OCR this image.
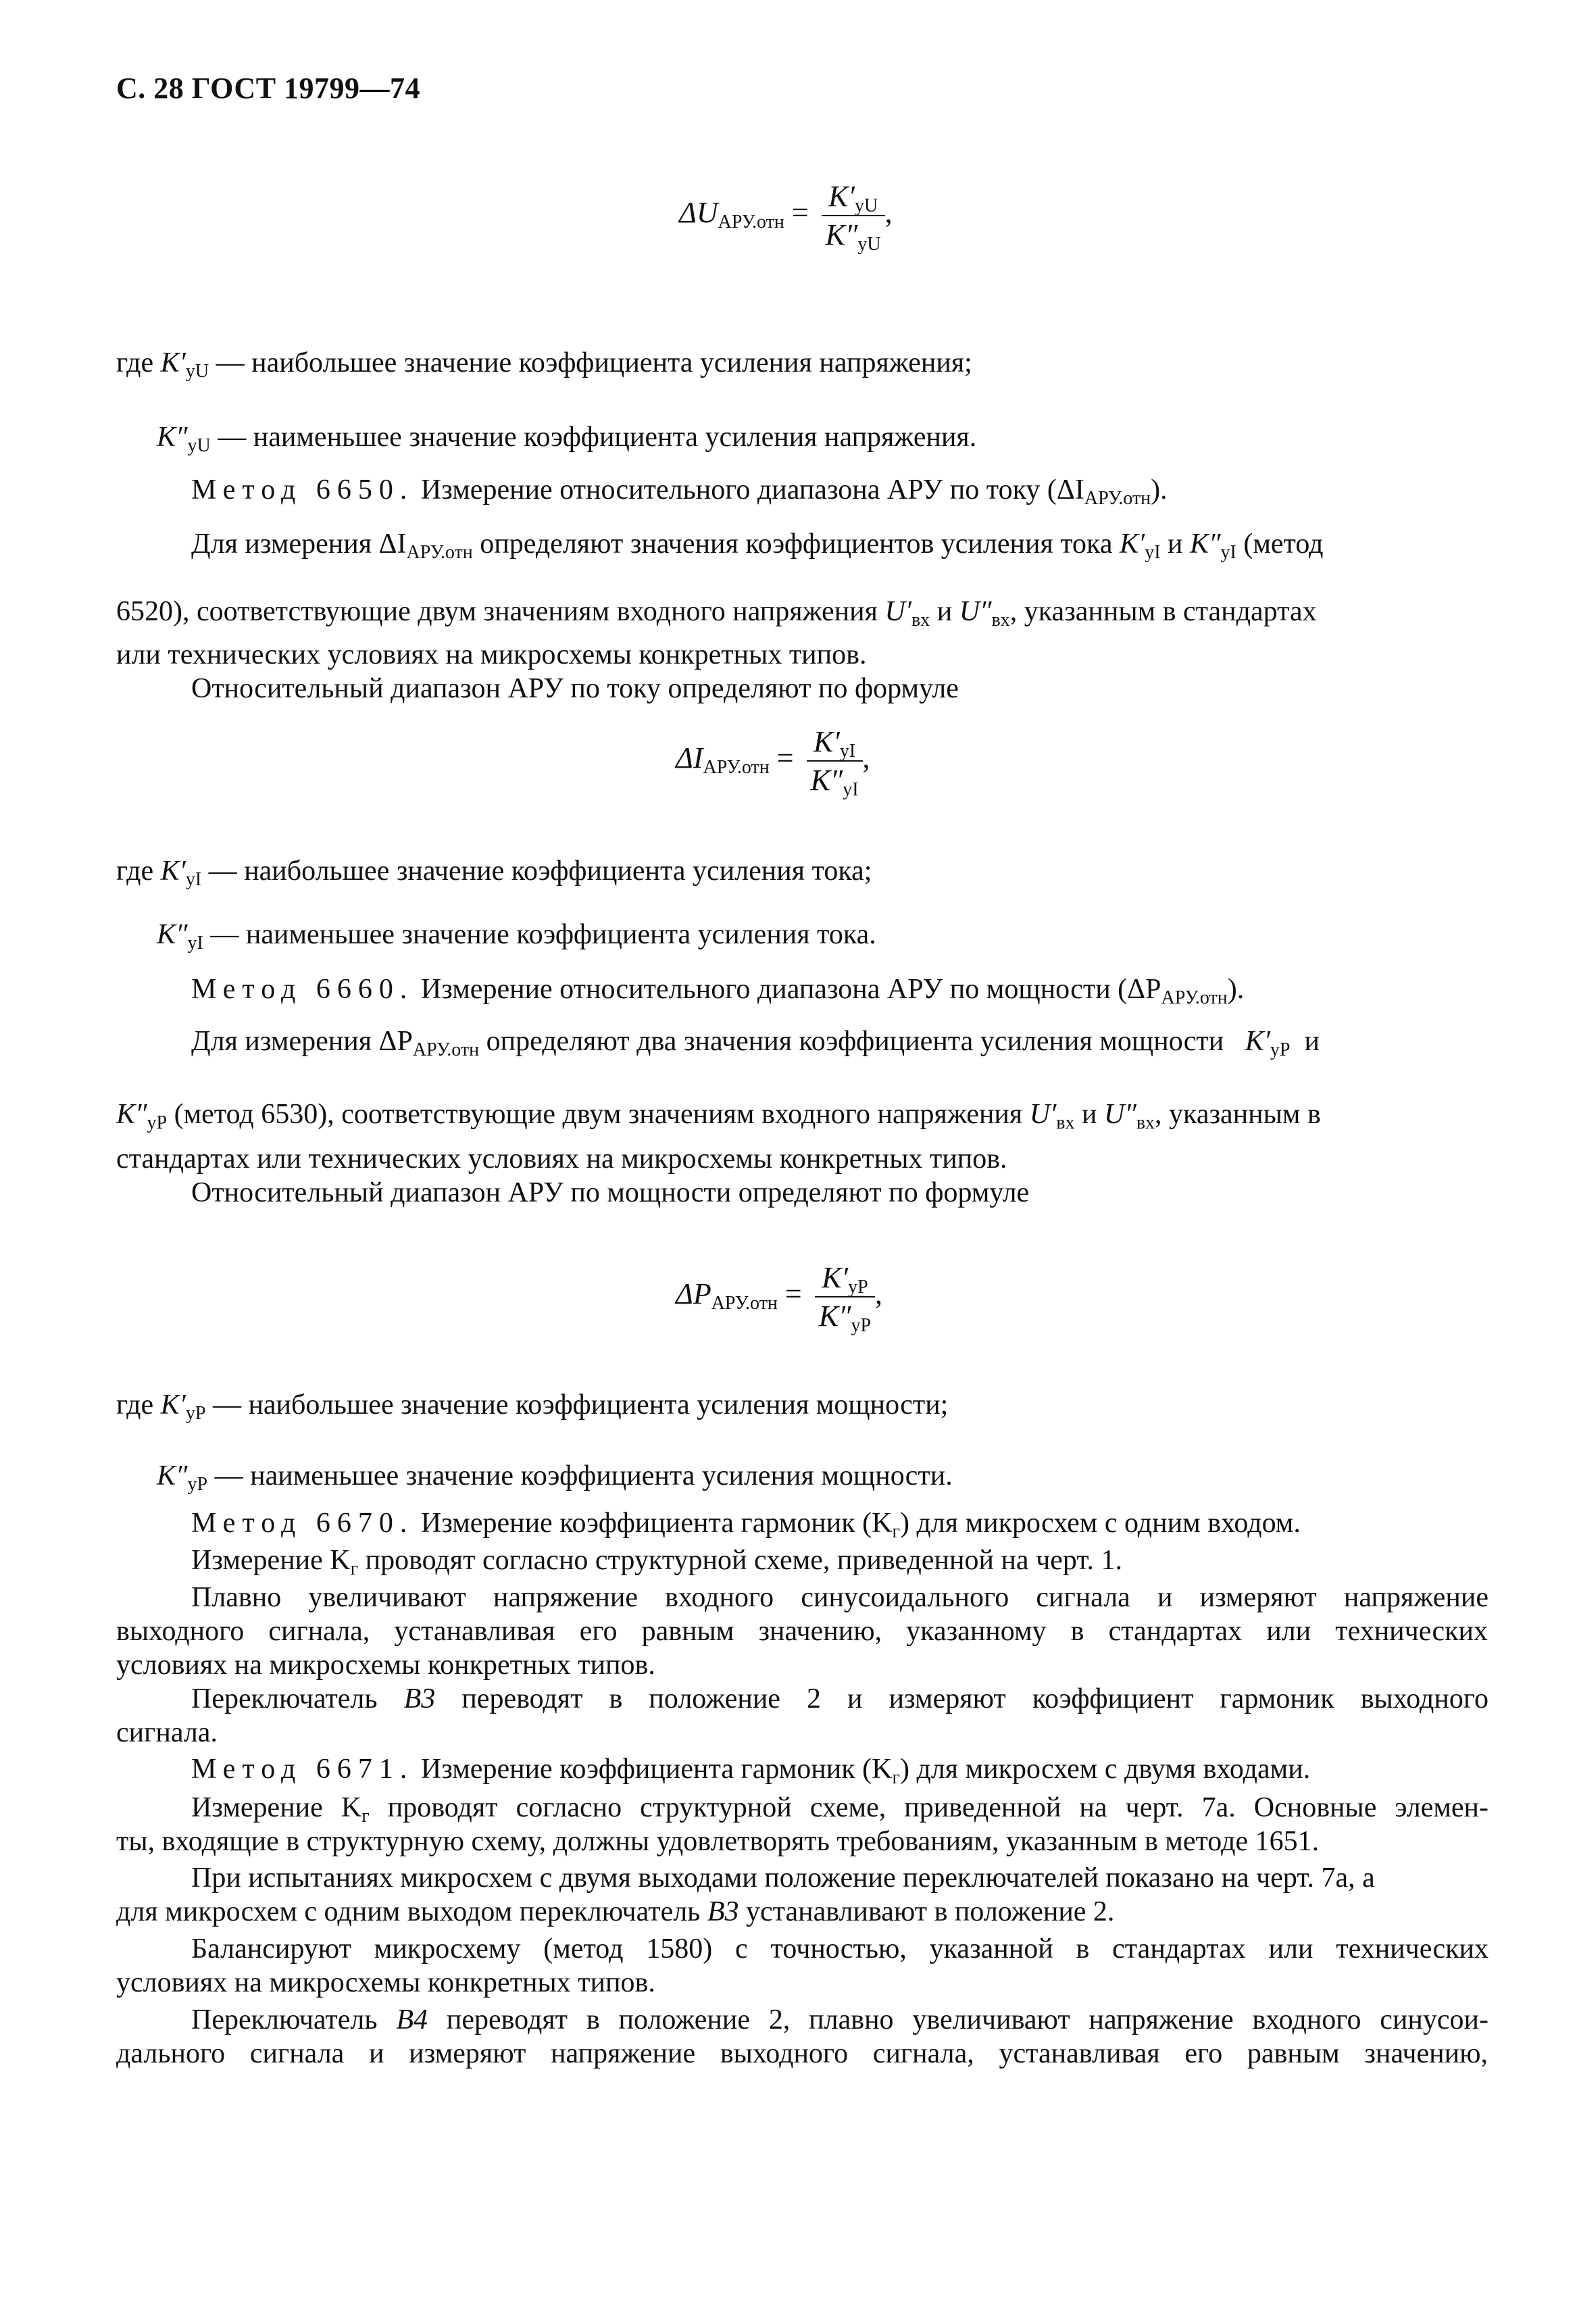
С. 28 ГОСТ 19799—74
$\Delta U_{АРУ.отн} = \frac{K'_{yU}}{K''_{yU}}$ ,
где $K'_{yU}$ — наибольшее значение коэффициента усиления напряжения;
$K''_{yU}$ — наименьшее значение коэффициента усиления напряжения.
Метод 6650. Измерение относительного диапазона АРУ по току $(\Delta I_{АРУ.отн})$.
Для измерения $\Delta I_{АРУ.отн}$ определяют значения коэффициентов усиления тока $K'_{yI}$ и $K''_{yI}$ (метод
6520), соответствующие двум значениям входного напряжения $U'_{вх}$ и $U''_{вх}$, указанным в стандартах
или технических условиях на микросхемы конкретных типов.
Относительный диапазон АРУ по току определяют по формуле
$\Delta I_{АРУ.отн} = \frac{K'_{yI}}{K''_{yI}}$ ,
где $K'_{yI}$ — наибольшее значение коэффициента усиления тока;
$K''_{yI}$ — наименьшее значение коэффициента усиления тока.
Метод 6660. Измерение относительного диапазона АРУ по мощности $(\Delta P_{АРУ.отн})$.
Для измерения $\Delta P_{АРУ.отн}$ определяют два значения коэффициента усиления мощности $K'_{yP}$ и
$K''_{yP}$ (метод 6530), соответствующие двум значениям входного напряжения $U'_{вх}$ и $U''_{вх}$, указанным в
стандартах или технических условиях на микросхемы конкретных типов.
Относительный диапазон АРУ по мощности определяют по формуле
$\Delta P_{АРУ.отн} = \frac{K'_{yP}}{K''_{yP}}$ ,
где $K'_{yP}$ — наибольшее значение коэффициента усиления мощности;
$K''_{yP}$ — наименьшее значение коэффициента усиления мощности.
Метод 6670. Измерение коэффициента гармоник $(K_г)$ для микросхем с одним входом.
Измерение $K_г$ проводят согласно структурной схеме, приведенной на черт. 1.
Плавно увеличивают напряжение входного синусоидального сигнала и измеряют напряжение
выходного сигнала, устанавливая его равным значению, указанному в стандартах или технических
условиях на микросхемы конкретных типов.
Переключатель B3 переводят в положение 2 и измеряют коэффициент гармоник выходного
сигнала.
Метод 6671. Измерение коэффициента гармоник $(K_г)$ для микросхем с двумя входами.
Измерение $K_г$ проводят согласно структурной схеме, приведенной на черт. 7а. Основные элемен-
ты, входящие в структурную схему, должны удовлетворять требованиям, указанным в методе 1651.
При испытаниях микросхем с двумя выходами положение переключателей показано на черт. 7а, а
для микросхем с одним выходом переключатель B3 устанавливают в положение 2.
Балансируют микросхему (метод 1580) с точностью, указанной в стандартах или технических
условиях на микросхемы конкретных типов.
Переключатель B4 переводят в положение 2, плавно увеличивают напряжение входного синусои-
дального сигнала и измеряют напряжение выходного сигнала, устанавливая его равным значению,
